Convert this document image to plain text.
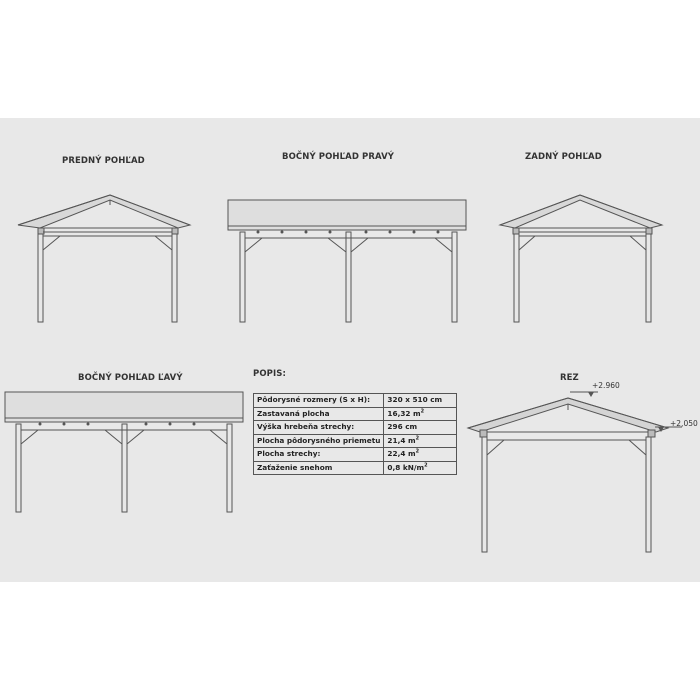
PREDNÝ POHĽAD	BOČNÝ POHĽAD PRAVÝ	ZADNÝ POHĽAD
BOČNÝ POHĽAD ĽAVÝ	POPIS:	REZ
+2.960
+2,050
Pôdorysné rozmery (S x H):	320 x 510 cm
Zastavaná plocha	16,32 $m^2$
Výška hrebeňa strechy:	296 cm
Plocha pôdorysného priemetu	21,4 $m^2$
Plocha strechy:	22,4 $m^2$
Zaťaženie snehom	0,8 $kN/m^2$
